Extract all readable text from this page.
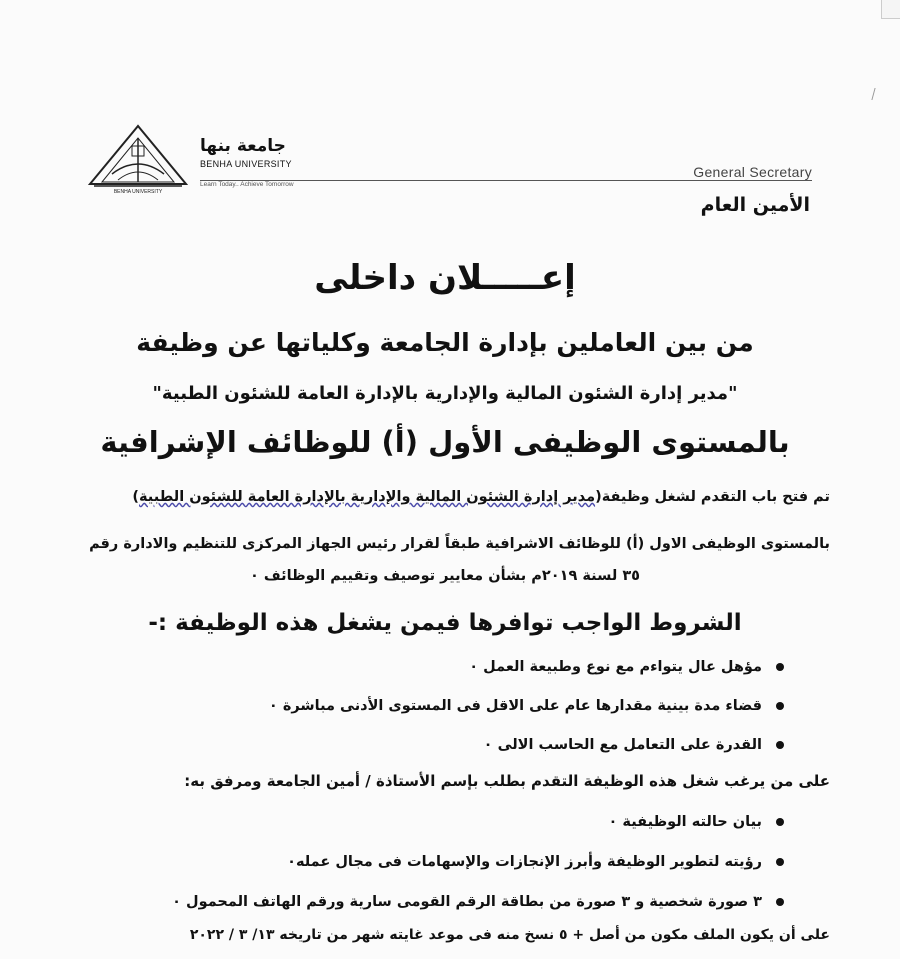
BENHA UNIVERSITY
جامعة بنها
BENHA UNIVERSITY
Learn Today.. Achieve Tomorrow
General Secretary
الأمين العام
إعـــــلان داخلى
من بين العاملين بإدارة الجامعة وكلياتها عن وظيفة
"مدير إدارة الشئون المالية والإدارية بالإدارة العامة للشئون الطبية"
بالمستوى الوظيفى الأول (أ) للوظائف الإشرافية
تم فتح باب التقدم لشغل وظيفة(مدير إدارة الشئون المالية والإدارية بالإدارة العامة للشئون الطبية)
بالمستوى الوظيفى الاول (أ) للوظائف الاشرافية طبقاً لقرار رئيس الجهاز المركزى للتنظيم والادارة رقم
٣٥ لسنة ٢٠١٩م بشأن معايير توصيف وتقييم الوظائف ٠
الشروط الواجب توافرها فيمن يشغل هذه الوظيفة :-
مؤهل عال يتواءم مع نوع وطبيعة العمل ٠
قضاء مدة بينية مقدارها عام على الاقل فى المستوى الأدنى مباشرة ٠
القدرة على التعامل مع الحاسب الالى ٠
على من يرغب شغل هذه الوظيفة التقدم بطلب بإسم الأستاذة / أمين الجامعة ومرفق به:
بيان حالته الوظيفية ٠
رؤيته لتطوير الوظيفة وأبرز الإنجازات والإسهامات فى مجال عمله٠
٣ صورة شخصية و ٣ صورة من بطاقة الرقم القومى سارية ورقم الهاتف المحمول ٠
على أن يكون الملف مكون من أصل + ٥ نسخ منه فى موعد غايته شهر من تاريخه ١٣/ ٣ / ٢٠٢٢
